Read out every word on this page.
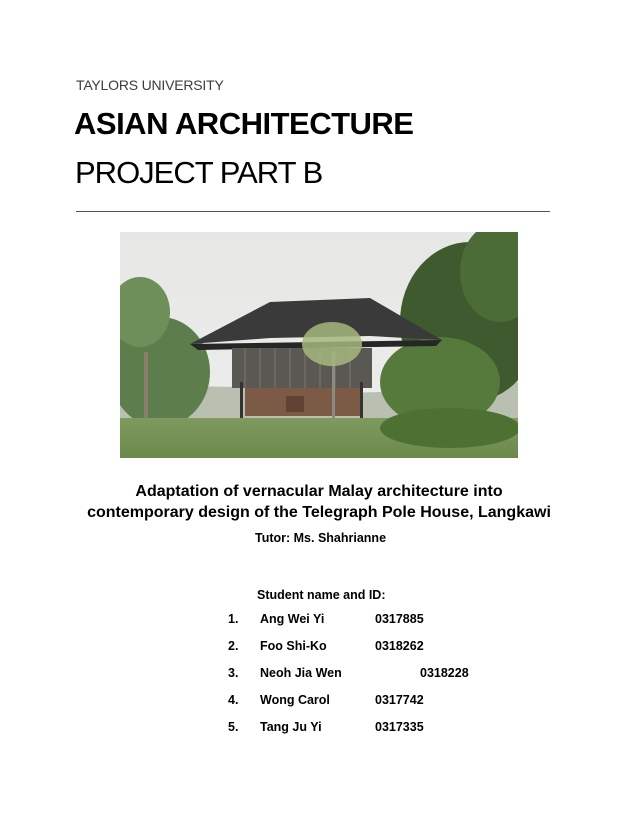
TAYLORS UNIVERSITY
ASIAN ARCHITECTURE
PROJECT PART B
Adaptation of vernacular Malay architecture into
contemporary design of the Telegraph Pole House, Langkawi
Tutor: Ms. Shahrianne
Student name and ID:
1. Ang Wei Yi	0317885
2. Foo Shi-Ko	0318262
3. Neoh Jia Wen	0318228
4. Wong Carol	0317742
5. Tang Ju Yi	0317335
